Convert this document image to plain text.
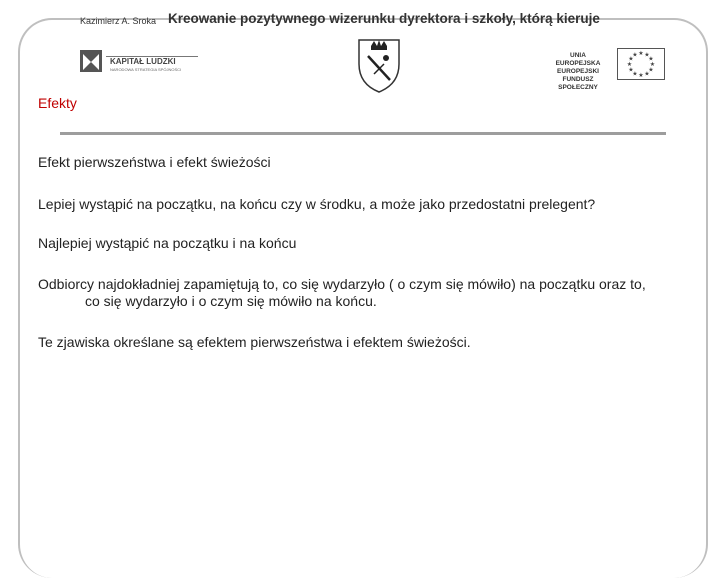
Kazimierz A. Sroka Kreowanie pozytywnego wizerunku dyrektora i szkoły, którą kieruje
KAPITAŁ LUDZKI
NARODOWA STRATEGIA SPÓJNOŚCI
UNIA EUROPEJSKA
EUROPEJSKI
FUNDUSZ SPOŁECZNY
★ ★
★
★
★
★
★
★
★
★
★
★
Efekty
Efekt pierwszeństwa i efekt świeżości
Lepiej wystąpić na początku, na końcu czy w środku, a może jako przedostatni prelegent?
Najlepiej wystąpić na początku i na końcu
Odbiorcy najdokładniej zapamiętują to, co się wydarzyło ( o czym się mówiło) na początku oraz to,
co się wydarzyło i o czym się mówiło na końcu.
Te zjawiska określane są efektem pierwszeństwa i efektem świeżości.
